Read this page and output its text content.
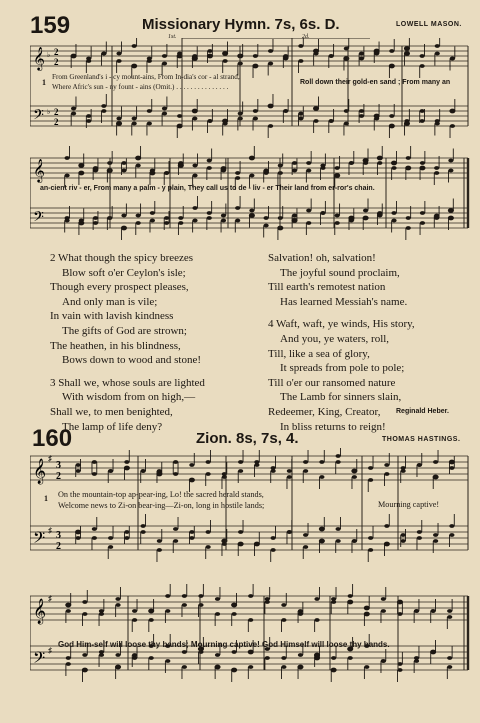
159	Missionary Hymn. 7s, 6s. D.	LOWELL MASON.
𝄞
𝄢
♭
♭
2
2
2
2
1st.	2d.
1
From Greenland's i - cy mount-ains, From In-dia's cor - al strand,
Where Afric's sun - ny fount - ains (Omit.) . . . . . . . . . . . . . . .
Roll down their gold-en sand ; From many an
𝄞
𝄢
an-cient riv - er, From many a palm - y plain, They call us to de - liv - er Their land from er-ror's chain.
2 What though the spicy breezes
Blow soft o'er Ceylon's isle;
Though every prospect pleases,
And only man is vile;
In vain with lavish kindness
The gifts of God are strown;
The heathen, in his blindness,
Bows down to wood and stone!
3 Shall we, whose souls are lighted
With wisdom from on high,—
Shall we, to men benighted,
The lamp of life deny?
Salvation! oh, salvation!
The joyful sound proclaim,
Till earth's remotest nation
Has learned Messiah's name.
4 Waft, waft, ye winds, His story,
And you, ye waters, roll,
Till, like a sea of glory,
It spreads from pole to pole;
Till o'er our ransomed nature
The Lamb for sinners slain,
Redeemer, King, Creator,
In bliss returns to reign!
Reginald Heber.
160	Zion. 8s, 7s, 4.	THOMAS HASTINGS.
𝄞
𝄢
♯
♯
3
2
3
2
1 On the mountain-top ap-pear-ing, Lo! the sacred herald stands,
Welcome news to Zi-on bear-ing—Zi-on, long in hostile lands;	Mourning captive!
𝄞
𝄢
♯
♯
God Him-self will loose thy bands; Mourning captive! God Himself will loose thy bands.
